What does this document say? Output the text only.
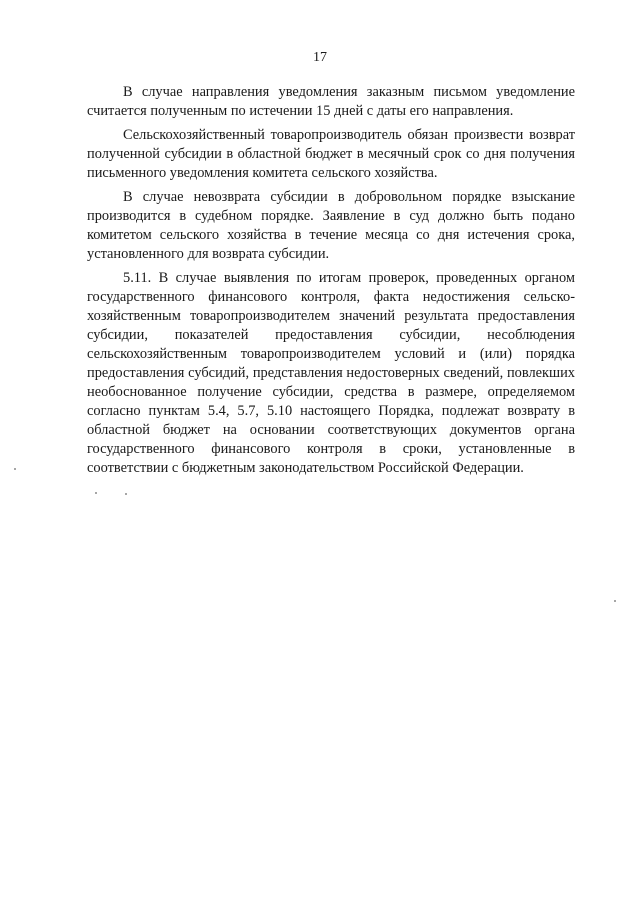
17

В случае направления уведомления заказным письмом уведомление считается полученным по истечении 15 дней с даты его направления.

Сельскохозяйственный товаропроизводитель обязан произвести возврат полученной субсидии в областной бюджет в месячный срок со дня получения письменного уведомления комитета сельского хозяйства.

В случае невозврата субсидии в добровольном порядке взыскание производится в судебном порядке. Заявление в суд должно быть подано комитетом сельского хозяйства в течение месяца со дня истечения срока, установленного для возврата субсидии.

5.11. В случае выявления по итогам проверок, проведенных органом государственного финансового контроля, факта недостижения сельско-хозяйственным товаропроизводителем значений результата предоставления субсидии, показателей предоставления субсидии, несоблюдения сельскохозяйственным товаропроизводителем условий и (или) порядка предоставления субсидий, представления недостоверных сведений, повлекших необоснованное получение субсидии, средства в размере, определяемом согласно пунктам 5.4, 5.7, 5.10 настоящего Порядка, подлежат возврату в областной бюджет на основании соответствующих документов органа государственного финансового контроля в сроки, установленные в соответствии с бюджетным законодательством Российской Федерации.
